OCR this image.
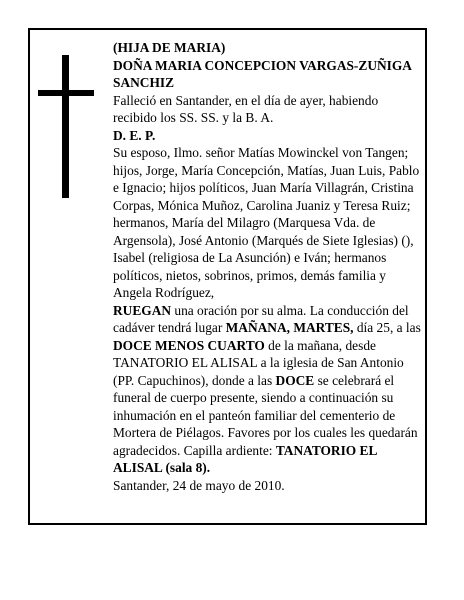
(HIJA DE MARIA)

DOÑA MARIA CONCEPCION VARGAS-ZUÑIGA SANCHIZ

Falleció en Santander, en el día de ayer, habiendo recibido los SS. SS. y la B. A.

D. E. P.

Su esposo, Ilmo. señor Matías Mowinckel von Tangen; hijos, Jorge, María Concepción, Matías, Juan Luis, Pablo e Ignacio; hijos políticos, Juan María Villagrán, Cristina Corpas, Mónica Muñoz, Carolina Juaniz y Teresa Ruiz; hermanos, María del Milagro (Marquesa Vda. de Argensola), José Antonio (Marqués de Siete Iglesias) (), Isabel (religiosa de La Asunción) e Iván; hermanos políticos, nietos, sobrinos, primos, demás familia y Angela Rodríguez,

RUEGAN una oración por su alma. La conducción del cadáver tendrá lugar MAÑANA, MARTES, día 25, a las DOCE MENOS CUARTO de la mañana, desde TANATORIO EL ALISAL a la iglesia de San Antonio (PP. Capuchinos), donde a las DOCE se celebrará el funeral de cuerpo presente, siendo a continuación su inhumación en el panteón familiar del cementerio de Mortera de Piélagos. Favores por los cuales les quedarán agradecidos. Capilla ardiente: TANATORIO EL ALISAL (sala 8).

Santander, 24 de mayo de 2010.
